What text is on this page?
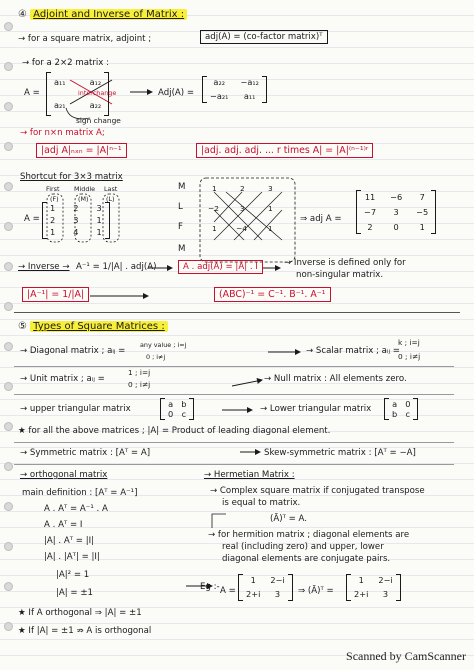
④ Adjoint and Inverse of Matrix :
→ for a square matrix, adjoint ;	adj(A) = (co-factor matrix)ᵀ
→ for a 2×2 matrix :
A =
a₁₁	a₁₂
a₂₁	a₂₂
interchange
sign change
Adj(A) =
a₂₂	−a₁₂
−a₂₁	a₁₁
→ for n×n matrix A;
|adj A|ₙₓₙ = |A|ⁿ⁻¹	|adj. adj. adj. ... r times A| = |A|⁽ⁿ⁻¹⁾ʳ
Shortcut for 3×3 matrix
First Middle Last
(F)	(M)	(L)
A =
1 2 3
2 3 1
1 4 1
M
L
F
M
1	2	3
−2	3	1
1	−4	1
⇒ adj A =
11 −6	7
−7	3	−5
2	0	1
→ Inverse → A⁻¹ = 1/|A| . adj(A)	A . adj(A) = |A| . I	→ Inverse is defined only for
non-singular matrix.
|A⁻¹| = 1/|A|	(ABC)⁻¹ = C⁻¹. B⁻¹. A⁻¹
⑤ Types of Square Matrices :
→ Diagonal matrix ; aᵢⱼ =
any value ; i=j
0 ; i≠j
→ Scalar matrix ; aᵢⱼ =
k ; i=j
0 ; i≠j
→ Unit matrix ; aᵢⱼ =
1 ; i=j
0 ; i≠j
→ Null matrix : All elements zero.
→ upper triangular matrix	a b
0 c	→ Lower triangular matrix	a 0
b c
★ for all the above matrices ; |A| = Product of leading diagonal element.
→ Symmetric matrix : [Aᵀ = A]	Skew-symmetric matrix : [Aᵀ = −A]
→ orthogonal matrix
main definition : [Aᵀ = A⁻¹]
A . Aᵀ = A⁻¹ . A
A . Aᵀ = I
|A| . Aᵀ = |I|
|A| . |Aᵀ| = |I|
|A|² = 1
|A| = ±1
→ Hermetian Matrix :
→ Complex square matrix if conjugated transpose
is equal to matrix.
(Ā)ᵀ = A.
→ for hermition matrix ; diagonal elements are
real (including zero) and upper, lower
diagonal elements are conjugate pairs.
Eg :- A =
1	2−i
2+i	3	⇒ (Ā)ᵀ =
1	2−i
2+i	3
★ If A orthogonal ⇒ |A| = ±1
★ If |A| = ±1 ⇏ A is orthogonal
Scanned by CamScanner
